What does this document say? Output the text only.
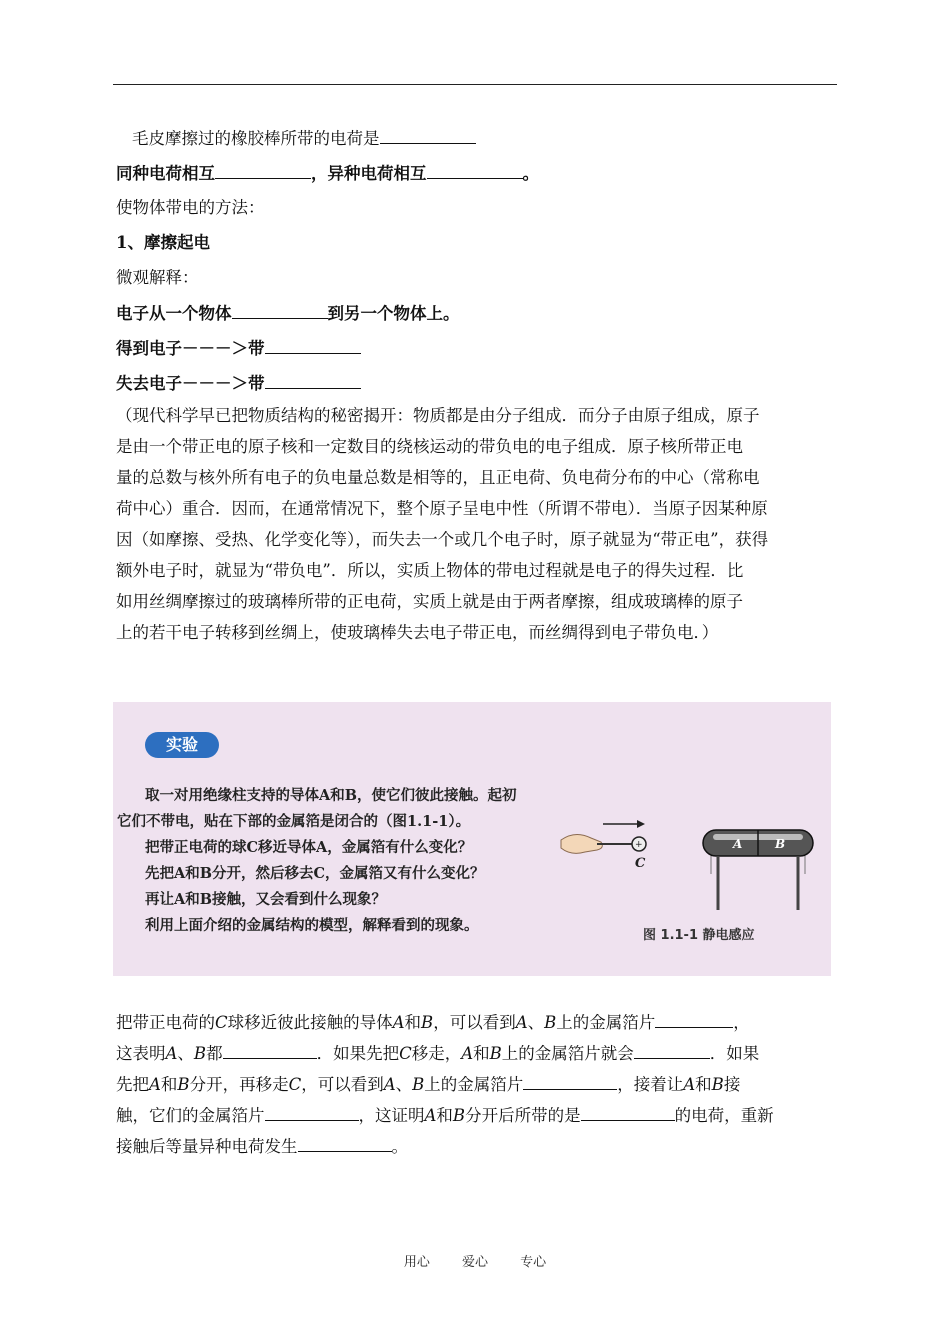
毛皮摩擦过的橡胶棒所带的电荷是
同种电荷相互	，异种电荷相互	。
使物体带电的方法：
1、摩擦起电
微观解释：
电子从一个物体	到另一个物体上。
得到电子－－－＞带
失去电子－－－＞带
（现代科学早已把物质结构的秘密揭开：物质都是由分子组成．而分子由原子组成，原子
是由一个带正电的原子核和一定数目的绕核运动的带负电的电子组成．原子核所带正电
量的总数与核外所有电子的负电量总数是相等的，且正电荷、负电荷分布的中心（常称电
荷中心）重合．因而，在通常情况下，整个原子呈电中性（所谓不带电）．当原子因某种原
因（如摩擦、受热、化学变化等），而失去一个或几个电子时，原子就显为“带正电”，获得
额外电子时，就显为“带负电”．所以，实质上物体的带电过程就是电子的得失过程．比
如用丝绸摩擦过的玻璃棒所带的正电荷，实质上就是由于两者摩擦，组成玻璃棒的原子
上的若干电子转移到丝绸上，使玻璃棒失去电子带正电，而丝绸得到电子带负电．）
实验
取一对用绝缘柱支持的导体A和B，使它们彼此接触。起初
它们不带电，贴在下部的金属箔是闭合的（图1.1-1）。
把带正电荷的球C移近导体A，金属箔有什么变化？
先把A和B分开，然后移去C，金属箔又有什么变化？
再让A和B接触，又会看到什么现象？
利用上面介绍的金属结构的模型，解释看到的现象。
+
C
A	B
图 1.1-1 静电感应
把带正电荷的C球移近彼此接触的导体A和B，可以看到A、B上的金属箔片	，
这表明A、B都	．如果先把C移走，A和B上的金属箔片就会	．如果
先把A和B分开，再移走C，可以看到A、B上的金属箔片	，接着让A和B接
触，它们的金属箔片	，这证明A和B分开后所带的是	的电荷，重新
接触后等量异种电荷发生	。
用心 爱心 专心
